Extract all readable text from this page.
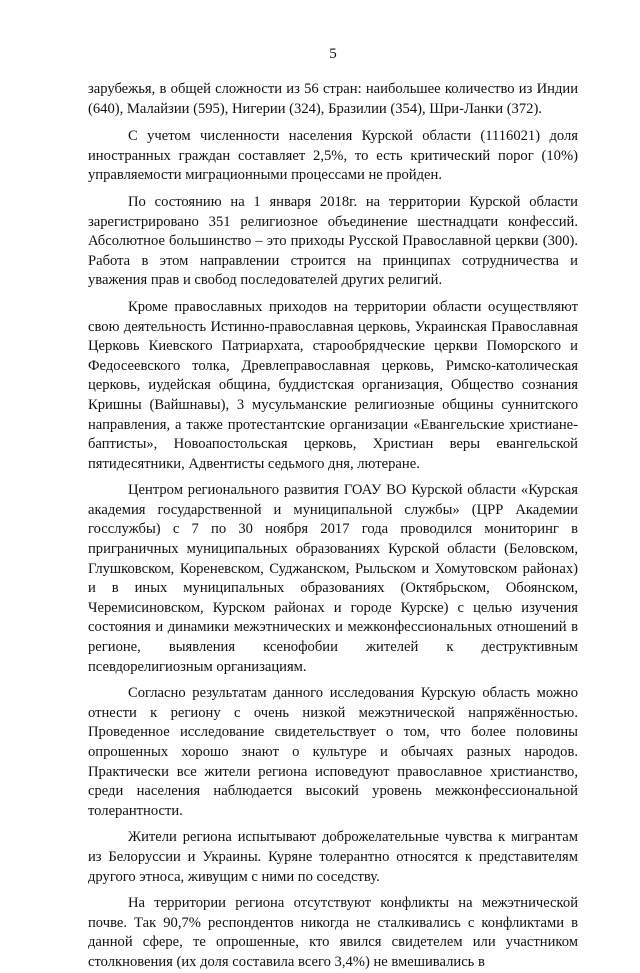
5

зарубежья, в общей сложности из 56 стран: наибольшее количество из Индии (640), Малайзии (595), Нигерии (324), Бразилии (354), Шри-Ланки (372).

С учетом численности населения Курской области (1116021) доля иностранных граждан составляет 2,5%, то есть критический порог (10%) управляемости миграционными процессами не пройден.

По состоянию на 1 января 2018г. на территории Курской области зарегистрировано 351 религиозное объединение шестнадцати конфессий. Абсолютное большинство – это приходы Русской Православной церкви (300). Работа в этом направлении строится на принципах сотрудничества и уважения прав и свобод последователей других религий.

Кроме православных приходов на территории области осуществляют свою деятельность Истинно-православная церковь, Украинская Православная Церковь Киевского Патриархата, старообрядческие церкви Поморского и Федосеевского толка, Древлеправославная церковь, Римско-католическая церковь, иудейская община, буддистская организация, Общество сознания Кришны (Вайшнавы), 3 мусульманские религиозные общины суннитского направления, а также протестантские организации «Евангельские христиане-баптисты», Новоапостольская церковь, Христиан веры евангельской пятидесятники, Адвентисты седьмого дня, лютеране.

Центром регионального развития ГОАУ ВО Курской области «Курская академия государственной и муниципальной службы» (ЦРР Академии госслужбы) с 7 по 30 ноября 2017 года проводился мониторинг в приграничных муниципальных образованиях Курской области (Беловском, Глушковском, Кореневском, Суджанском, Рыльском и Хомутовском районах) и в иных муниципальных образованиях (Октябрьском, Обоянском, Черемисиновском, Курском районах и городе Курске) с целью изучения состояния и динамики межэтнических и межконфессиональных отношений в регионе, выявления ксенофобии жителей к деструктивным псевдорелигиозным организациям.

Согласно результатам данного исследования Курскую область можно отнести к региону с очень низкой межэтнической напряжённостью. Проведенное исследование свидетельствует о том, что более половины опрошенных хорошо знают о культуре и обычаях разных народов. Практически все жители региона исповедуют православное христианство, среди населения наблюдается высокий уровень межконфессиональной толерантности.

Жители региона испытывают доброжелательные чувства к мигрантам из Белоруссии и Украины. Куряне толерантно относятся к представителям другого этноса, живущим с ними по соседству.

На территории региона отсутствуют конфликты на межэтнической почве. Так 90,7% респондентов никогда не сталкивались с конфликтами в данной сфере, те опрошенные, кто явился свидетелем или участником столкновения (их доля составила всего 3,4%) не вмешивались в
